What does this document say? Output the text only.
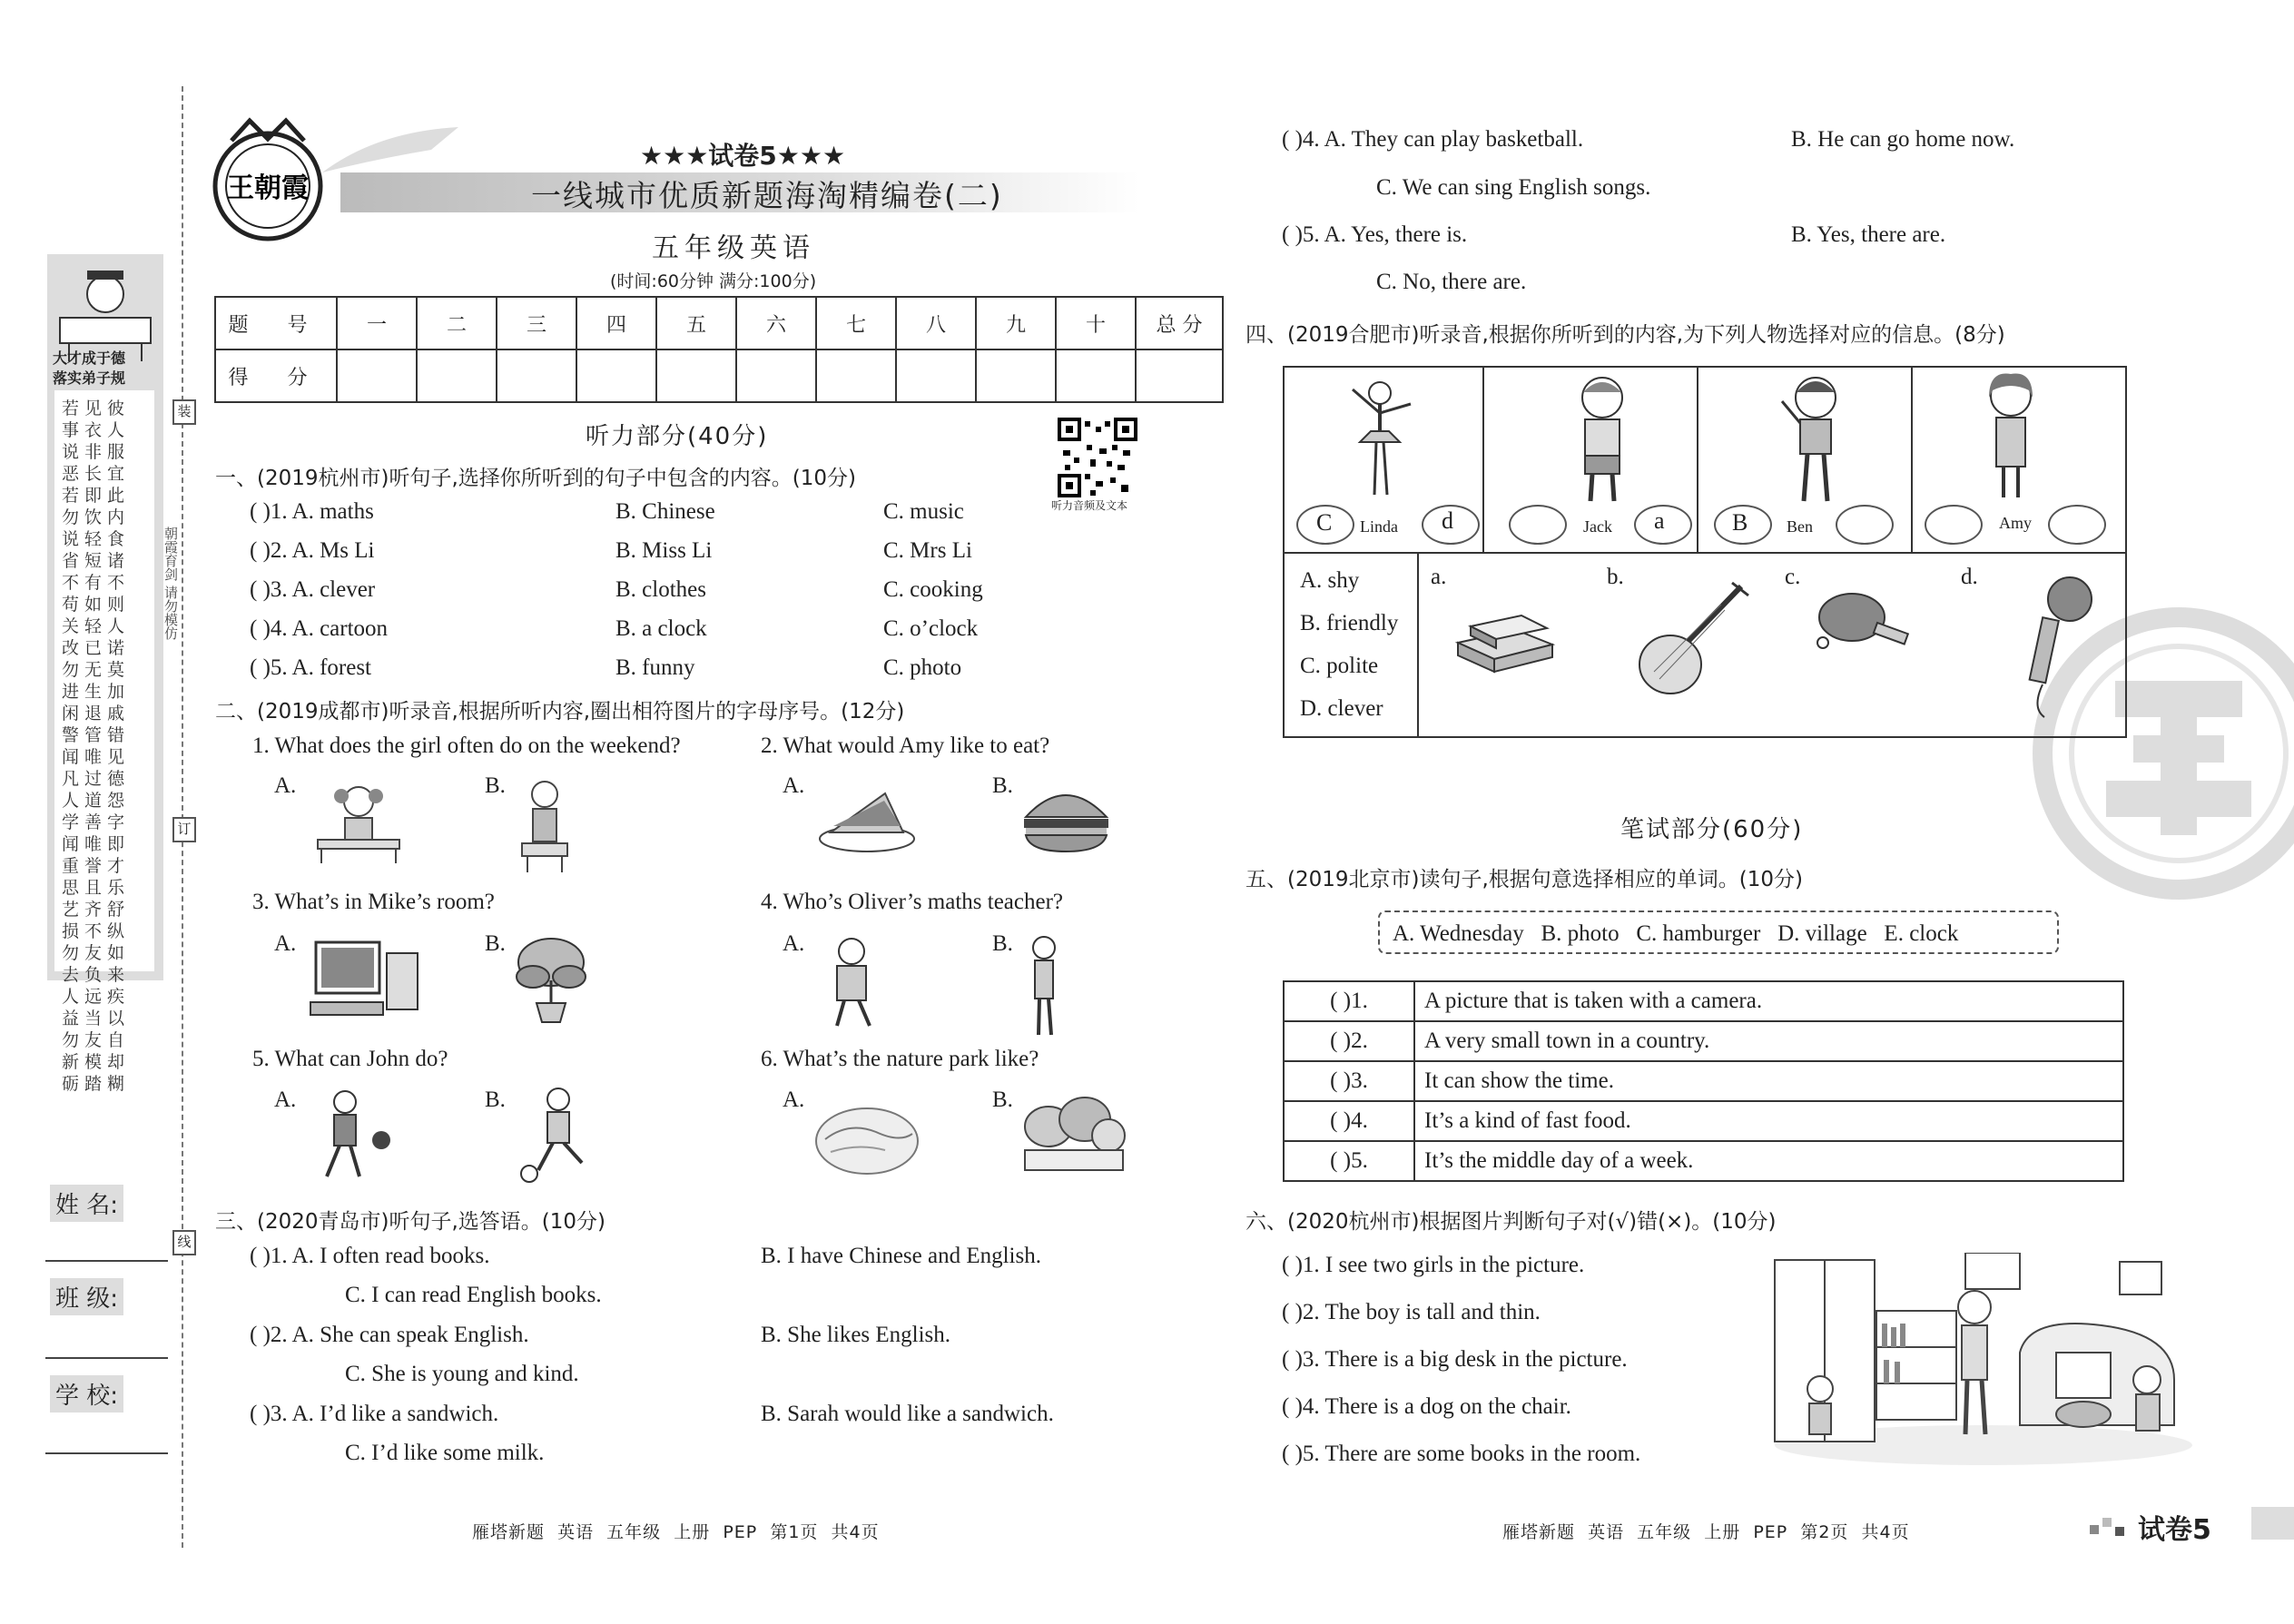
装
订
线
大才成于德
落实弟子规
若见彼事衣人说非服恶长宜若即此勿饮内说轻食省短诸不有不苟如则关轻人改已诺勿无莫进生加闲退戚警管错闻唯见凡过德人道怨学善字闻唯即重誉才思且乐艺齐舒损不纵勿友如去负来人远疾益当以勿友自新模却砺踏糊
朝霞育剑 请勿模仿
姓 名:
班 级:
学 校:
王朝霞
★★★试卷5★★★
一线城市优质新题海淘精编卷(二)
五年级英语
(时间:60分钟 满分:100分)
题 号	一	二	三	四	五	六	七	八	九	十	总 分
得 分											
听力部分(40分)
听力音频及文本
一、(2019杭州市)听句子,选择你所听到的句子中包含的内容。(10分)
( )1. A. maths	B. Chinese	C. music
( )2. A. Ms Li	B. Miss Li	C. Mrs Li
( )3. A. clever	B. clothes	C. cooking
( )4. A. cartoon	B. a clock	C. o’clock
( )5. A. forest	B. funny	C. photo
二、(2019成都市)听录音,根据所听内容,圈出相符图片的字母序号。(12分)
1. What does the girl often do on the weekend?	2. What would Amy like to eat?
A.	B.	A.	B.
3. What’s in Mike’s room?	4. Who’s Oliver’s maths teacher?
A.	B.	A.	B.
5. What can John do?	6. What’s the nature park like?
A.	B.	A.	B.
三、(2020青岛市)听句子,选答语。(10分)
( )1. A. I often read books.	B. I have Chinese and English.
C. I can read English books.
( )2. A. She can speak English.	B. She likes English.
C. She is young and kind.
( )3. A. I’d like a sandwich.	B. Sarah would like a sandwich.
C. I’d like some milk.
雁塔新题  英语  五年级  上册  PEP  第1页  共4页
( )4. A. They can play basketball.	B. He can go home now.
C. We can sing English songs.
( )5. A. Yes, there is.	B. Yes, there are.
C. No, there are.
四、(2019合肥市)听录音,根据你所听到的内容,为下列人物选择对应的信息。(8分)
C Linda d	Jack a	B Ben	Amy
A. shy
B. friendly
C. polite
D. clever
a.	b.	c.	d.
笔试部分(60分)
五、(2019北京市)读句子,根据句意选择相应的单词。(10分)
A. Wednesday   B. photo   C. hamburger   D. village   E. clock
( )1.	A picture that is taken with a camera.
( )2.	A very small town in a country.
( )3.	It can show the time.
( )4.	It’s a kind of fast food.
( )5.	It’s the middle day of a week.
六、(2020杭州市)根据图片判断句子对(√)错(×)。(10分)
( )1. I see two girls in the picture.
( )2. The boy is tall and thin.
( )3. There is a big desk in the picture.
( )4. There is a dog on the chair.
( )5. There are some books in the room.
雁塔新题  英语  五年级  上册  PEP  第2页  共4页	试卷5
